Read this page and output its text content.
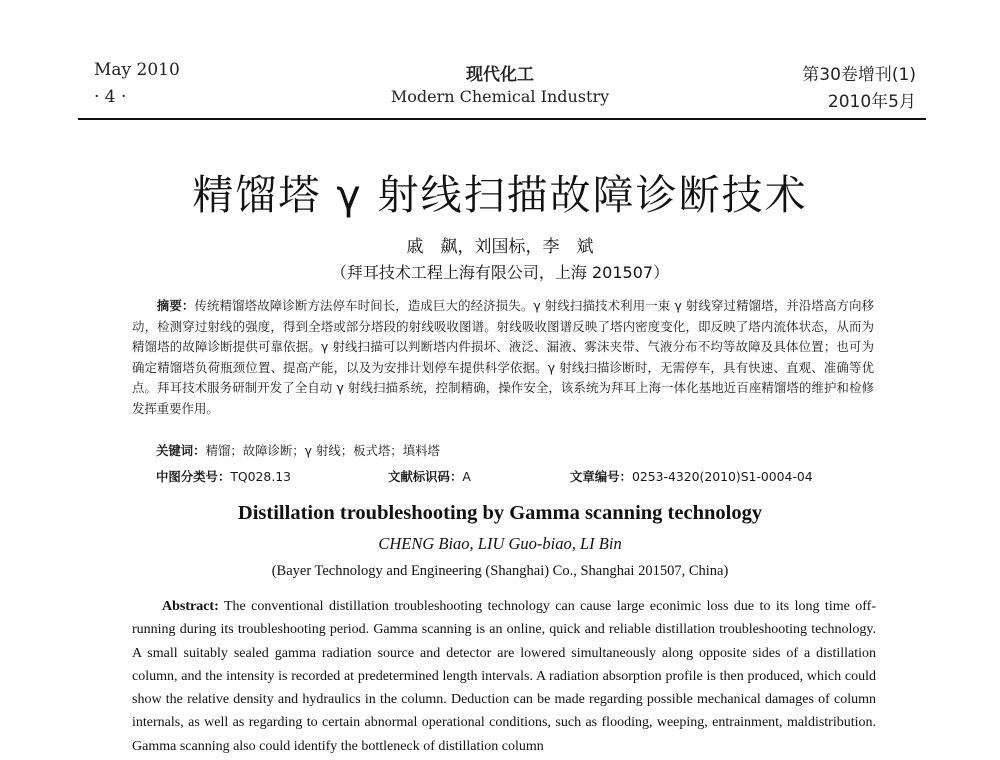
May 2010
· 4 ·
现代化工
Modern Chemical Industry
第30卷增刊(1)
2010年5月
精馏塔 γ 射线扫描故障诊断技术
戚　飙，刘国标，李　斌
（拜耳技术工程上海有限公司，上海 201507）
摘要：传统精馏塔故障诊断方法停车时间长，造成巨大的经济损失。γ 射线扫描技术利用一束 γ 射线穿过精馏塔，并沿塔高方向移动，检测穿过射线的强度，得到全塔或部分塔段的射线吸收图谱。射线吸收图谱反映了塔内密度变化，即反映了塔内流体状态，从而为精馏塔的故障诊断提供可靠依据。γ 射线扫描可以判断塔内件损坏、液泛、漏液、雾沫夹带、气液分布不均等故障及具体位置；也可为确定精馏塔负荷瓶颈位置、提高产能，以及为安排计划停车提供科学依据。γ 射线扫描诊断时，无需停车，具有快速、直观、准确等优点。拜耳技术服务研制开发了全自动 γ 射线扫描系统，控制精确，操作安全，该系统为拜耳上海一体化基地近百座精馏塔的维护和检修发挥重要作用。
关键词：精馏；故障诊断；γ 射线；板式塔；填料塔
中图分类号：TQ028.13	文献标识码：A	文章编号：0253-4320(2010)S1-0004-04
Distillation troubleshooting by Gamma scanning technology
CHENG Biao, LIU Guo-biao, LI Bin
(Bayer Technology and Engineering (Shanghai) Co., Shanghai 201507, China)
Abstract: The conventional distillation troubleshooting technology can cause large econimic loss due to its long time off-running during its troubleshooting period. Gamma scanning is an online, quick and reliable distillation troubleshooting technology. A small suitably sealed gamma radiation source and detector are lowered simultaneously along opposite sides of a distillation column, and the intensity is recorded at predetermined length intervals. A radiation absorption profile is then produced, which could show the relative density and hydraulics in the column. Deduction can be made regarding possible mechanical damages of column internals, as well as regarding to certain abnormal operational conditions, such as flooding, weeping, entrainment, maldistribution. Gamma scanning also could identify the bottleneck of distillation column
